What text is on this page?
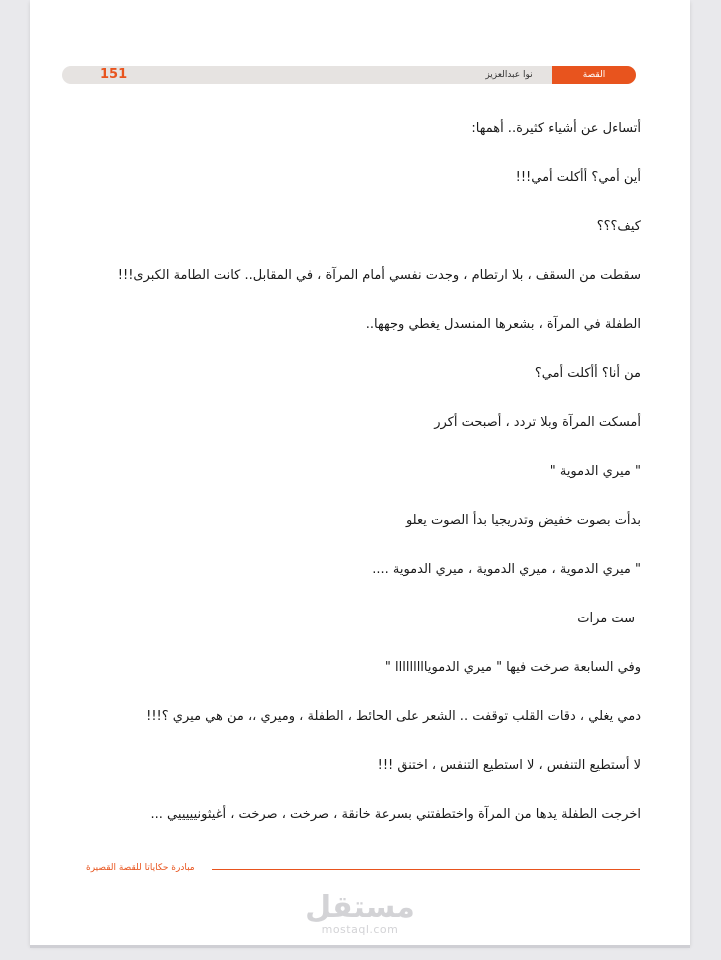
151	نوا عبدالعزيز	القصة
أتساءل عن أشياء كثيرة.. أهمها:
أين أمي؟ أأكلت أمي!!!
كيف؟؟؟
سقطت من السقف ، بلا ارتطام ، وجدت نفسي أمام المرآة ، في المقابل.. كانت الطامة الكبرى!!!
الطفلة في المرآة ، بشعرها المنسدل يغطي وجهها..
من أنا؟ أأكلت أمي؟
أمسكت المرآة وبلا تردد ، أصبحت أكرر
" ميري الدموية "
بدأت بصوت خفيض وتدريجيا بدأ الصوت يعلو
" ميري الدموية ، ميري الدموية ، ميري الدموية ....
ست مرات
وفي السابعة صرخت فيها " ميري الدمويااااااااا "
دمي يغلي ، دقات القلب توقفت .. الشعر على الحائط ، الطفلة ، وميري ،، من هي ميري ؟!!!
لا أستطيع التنفس ، لا استطيع التنفس ، اختنق !!!
اخرجت الطفلة يدها من المرآة واختطفتني بسرعة خانقة ، صرخت ، صرخت ، أغيثونيييييي ...
مبادرة حكاياتا للقصة القصيرة
مستقل
mostaql.com
